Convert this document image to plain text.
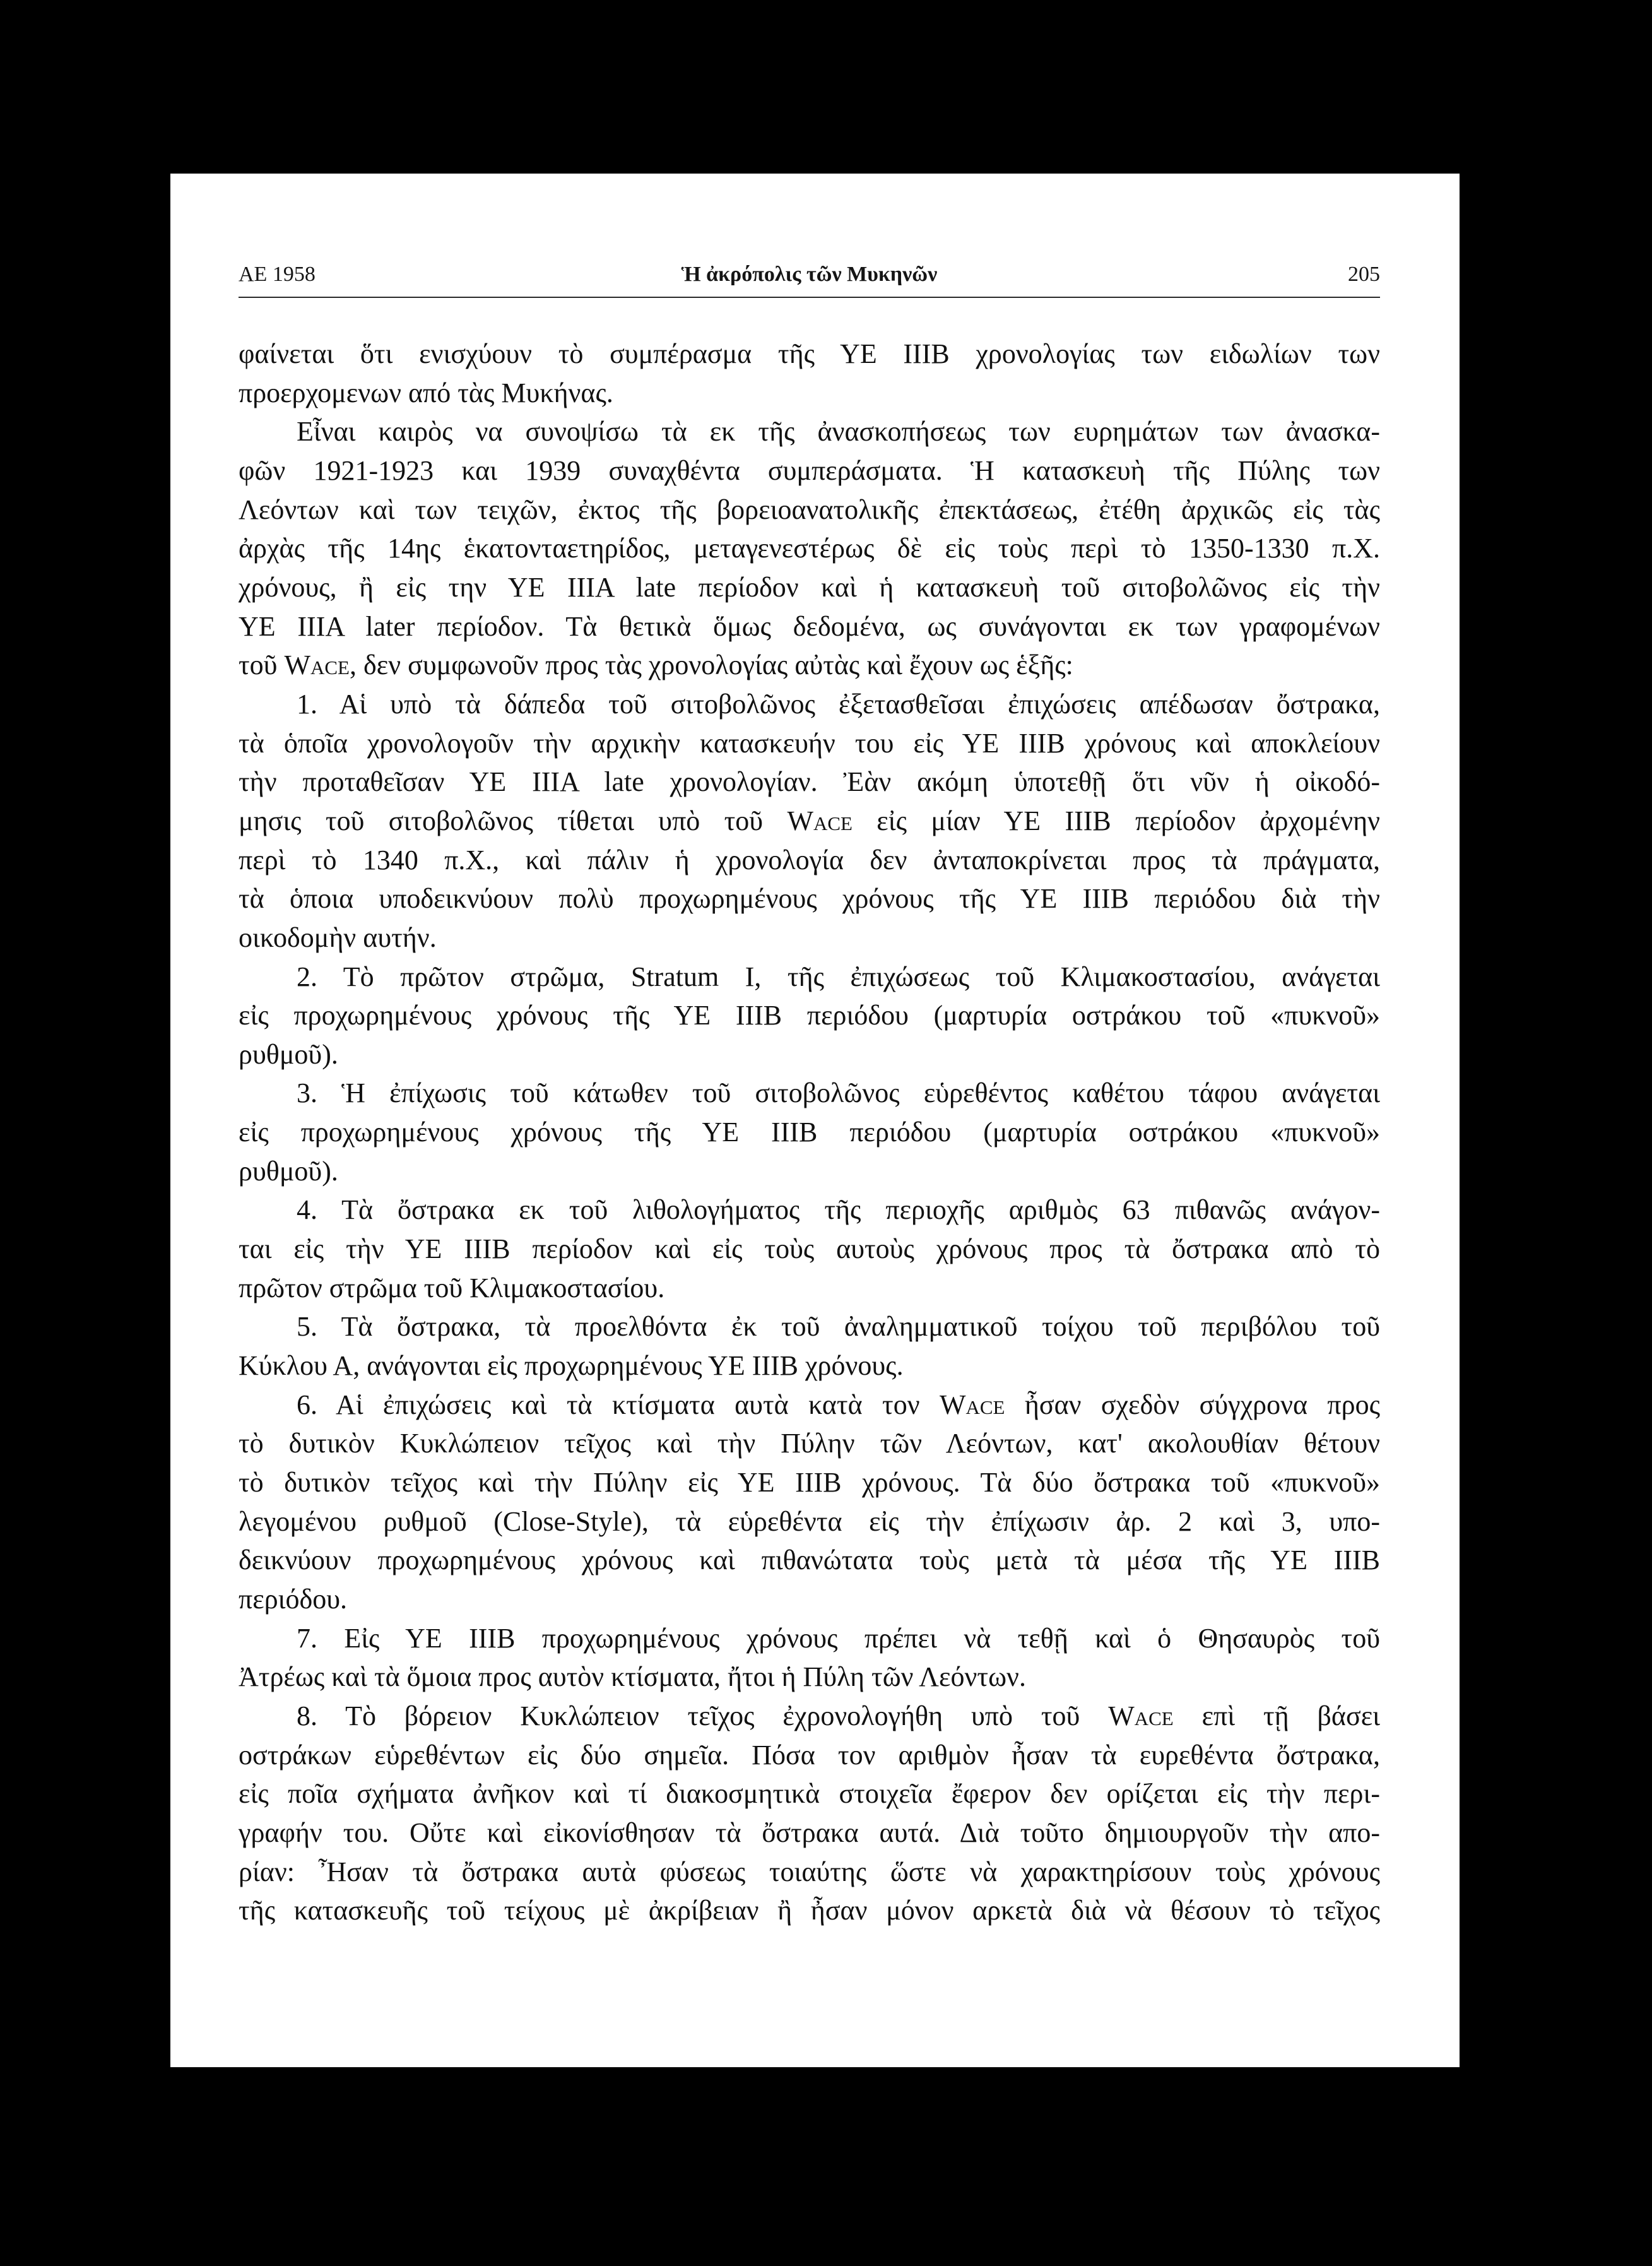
ΑΕ 1958	Ἡ ἀκρόπολις τῶν Μυκηνῶν	205
φαίνεται ὅτι ενισχύουν τὸ συμπέρασμα τῆς ΥΕ ΙΙΙΒ χρονολογίας των ειδωλίων των
προερχομενων από τὰς Μυκήνας.
Εἶναι καιρὸς να συνοψίσω τὰ εκ τῆς ἀνασκοπήσεως των ευρημάτων των ἀνασκα-
φῶν 1921-1923 και 1939 συναχθέντα συμπεράσματα. Ἡ κατασκευὴ τῆς Πύλης των
Λεόντων καὶ των τειχῶν, ἐκτος τῆς βορειοανατολικῆς ἐπεκτάσεως, ἐτέθη ἀρχικῶς εἰς τὰς
ἀρχὰς τῆς 14ης ἑκατονταετηρίδος, μεταγενεστέρως δὲ εἰς τοὺς περὶ τὸ 1350-1330 π.Χ.
χρόνους, ἢ εἰς την ΥΕ ΙΙΙΑ late περίοδον καὶ ἡ κατασκευὴ τοῦ σιτοβολῶνος εἰς τὴν
ΥΕ ΙΙΙΑ later περίοδον. Τὰ θετικὰ ὅμως δεδομένα, ως συνάγονται εκ των γραφομένων
τοῦ Wace, δεν συμφωνοῦν προς τὰς χρονολογίας αὐτὰς καὶ ἔχουν ως ἑξῆς:
1. Αἱ υπὸ τὰ δάπεδα τοῦ σιτοβολῶνος ἐξετασθεῖσαι ἐπιχώσεις απέδωσαν ὄστρακα,
τὰ ὁποῖα χρονολογοῦν τὴν αρχικὴν κατασκευήν του εἰς ΥΕ ΙΙΙΒ χρόνους καὶ αποκλείουν
τὴν προταθεῖσαν ΥΕ ΙΙΙΑ late χρονολογίαν. Ἐὰν ακόμη ὑποτεθῇ ὅτι νῦν ἡ οἰκοδό-
μησις τοῦ σιτοβολῶνος τίθεται υπὸ τοῦ Wace εἰς μίαν ΥΕ ΙΙΙΒ περίοδον ἀρχομένην
περὶ τὸ 1340 π.Χ., καὶ πάλιν ἡ χρονολογία δεν ἀνταποκρίνεται προς τὰ πράγματα,
τὰ ὁποια υποδεικνύουν πολὺ προχωρημένους χρόνους τῆς ΥΕ ΙΙΙΒ περιόδου διὰ τὴν
οικοδομὴν αυτήν.
2. Τὸ πρῶτον στρῶμα, Stratum I, τῆς ἐπιχώσεως τοῦ Κλιμακοστασίου, ανάγεται
εἰς προχωρημένους χρόνους τῆς ΥΕ ΙΙΙΒ περιόδου (μαρτυρία οστράκου τοῦ «πυκνοῦ»
ρυθμοῦ).
3. Ἡ ἐπίχωσις τοῦ κάτωθεν τοῦ σιτοβολῶνος εὑρεθέντος καθέτου τάφου ανάγεται
εἰς προχωρημένους χρόνους τῆς ΥΕ ΙΙΙΒ περιόδου (μαρτυρία οστράκου «πυκνοῦ»
ρυθμοῦ).
4. Τὰ ὄστρακα εκ τοῦ λιθολογήματος τῆς περιοχῆς αριθμὸς 63 πιθανῶς ανάγον-
ται εἰς τὴν ΥΕ ΙΙΙΒ περίοδον καὶ εἰς τοὺς αυτοὺς χρόνους προς τὰ ὄστρακα απὸ τὸ
πρῶτον στρῶμα τοῦ Κλιμακοστασίου.
5. Τὰ ὄστρακα, τὰ προελθόντα ἐκ τοῦ ἀναλημματικοῦ τοίχου τοῦ περιβόλου τοῦ
Κύκλου Α, ανάγονται εἰς προχωρημένους ΥΕ ΙΙΙΒ χρόνους.
6. Αἱ ἐπιχώσεις καὶ τὰ κτίσματα αυτὰ κατὰ τον Wace ἦσαν σχεδὸν σύγχρονα προς
τὸ δυτικὸν Κυκλώπειον τεῖχος καὶ τὴν Πύλην τῶν Λεόντων, κατ' ακολουθίαν θέτουν
τὸ δυτικὸν τεῖχος καὶ τὴν Πύλην εἰς ΥΕ ΙΙΙΒ χρόνους. Τὰ δύο ὄστρακα τοῦ «πυκνοῦ»
λεγομένου ρυθμοῦ (Close-Style), τὰ εὑρεθέντα εἰς τὴν ἐπίχωσιν ἀρ. 2 καὶ 3, υπο-
δεικνύουν προχωρημένους χρόνους καὶ πιθανώτατα τοὺς μετὰ τὰ μέσα τῆς ΥΕ ΙΙΙΒ
περιόδου.
7. Εἰς ΥΕ ΙΙΙΒ προχωρημένους χρόνους πρέπει νὰ τεθῇ καὶ ὁ Θησαυρὸς τοῦ
Ἀτρέως καὶ τὰ ὅμοια προς αυτὸν κτίσματα, ἤτοι ἡ Πύλη τῶν Λεόντων.
8. Τὸ βόρειον Κυκλώπειον τεῖχος ἐχρονολογήθη υπὸ τοῦ Wace επὶ τῇ βάσει
οστράκων εὑρεθέντων εἰς δύο σημεῖα. Πόσα τον αριθμὸν ἦσαν τὰ ευρεθέντα ὄστρακα,
εἰς ποῖα σχήματα ἀνῆκον καὶ τί διακοσμητικὰ στοιχεῖα ἔφερον δεν ορίζεται εἰς τὴν περι-
γραφήν του. Οὔτε καὶ εἰκονίσθησαν τὰ ὄστρακα αυτά. Διὰ τοῦτο δημιουργοῦν τὴν απο-
ρίαν: Ἦσαν τὰ ὄστρακα αυτὰ φύσεως τοιαύτης ὥστε νὰ χαρακτηρίσουν τοὺς χρόνους
τῆς κατασκευῆς τοῦ τείχους μὲ ἀκρίβειαν ἢ ἦσαν μόνον αρκετὰ διὰ νὰ θέσουν τὸ τεῖχος
